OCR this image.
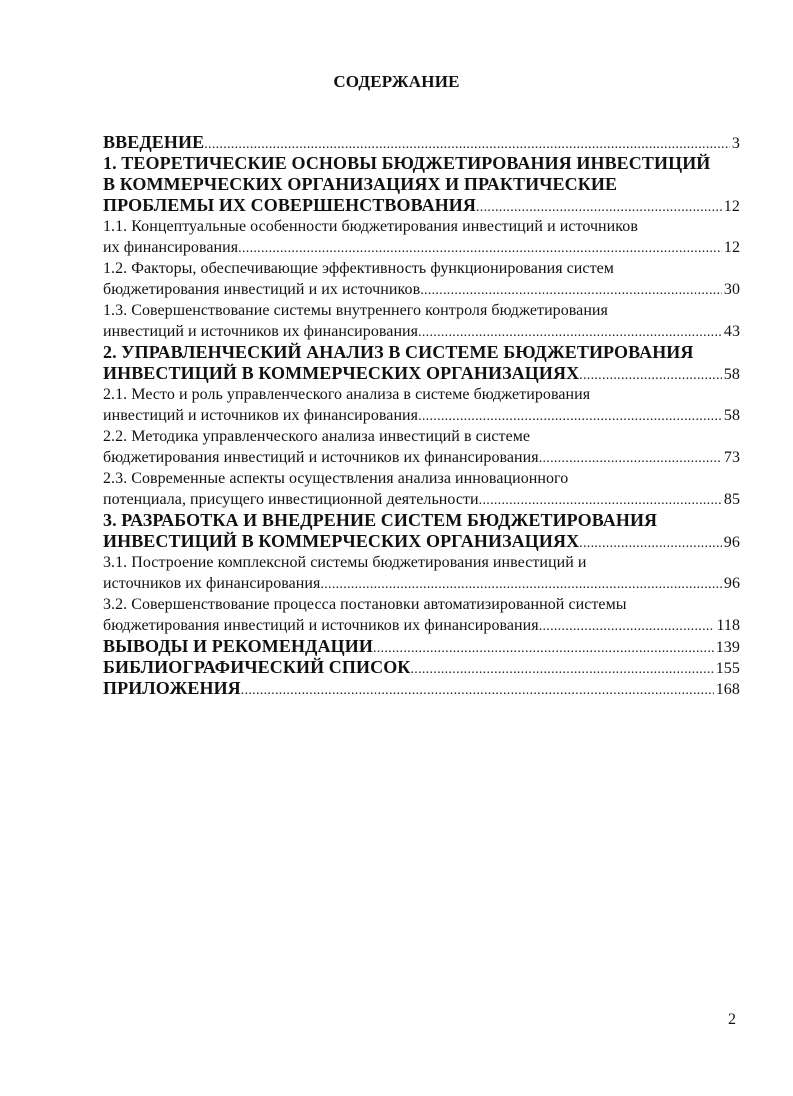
СОДЕРЖАНИЕ
ВВЕДЕНИЕ .....	3
1. ТЕОРЕТИЧЕСКИЕ ОСНОВЫ БЮДЖЕТИРОВАНИЯ ИНВЕСТИЦИЙ
В КОММЕРЧЕСКИХ ОРГАНИЗАЦИЯХ И ПРАКТИЧЕСКИЕ
ПРОБЛЕМЫ ИХ СОВЕРШЕНСТВОВАНИЯ .....	12
1.1. Концептуальные особенности бюджетирования инвестиций и источников
их финансирования .....	12
1.2. Факторы, обеспечивающие эффективность функционирования систем
бюджетирования инвестиций и их источников .....	30
1.3. Совершенствование системы внутреннего контроля бюджетирования
инвестиций и источников их финансирования .....	43
2. УПРАВЛЕНЧЕСКИЙ АНАЛИЗ В СИСТЕМЕ БЮДЖЕТИРОВАНИЯ
ИНВЕСТИЦИЙ В КОММЕРЧЕСКИХ ОРГАНИЗАЦИЯХ .....	58
2.1. Место и роль управленческого анализа в системе бюджетирования
инвестиций и источников их финансирования .....	58
2.2. Методика управленческого анализа инвестиций в системе
бюджетирования инвестиций и источников их финансирования .....	73
2.3. Современные аспекты осуществления анализа инновационного
потенциала, присущего инвестиционной деятельности .....	85
3. РАЗРАБОТКА И ВНЕДРЕНИЕ СИСТЕМ БЮДЖЕТИРОВАНИЯ
ИНВЕСТИЦИЙ В КОММЕРЧЕСКИХ ОРГАНИЗАЦИЯХ .....	96
3.1. Построение комплексной системы бюджетирования инвестиций и
источников их финансирования .....	96
3.2. Совершенствование процесса постановки автоматизированной системы
бюджетирования инвестиций и источников их финансирования .....	118
ВЫВОДЫ И РЕКОМЕНДАЦИИ .....	139
БИБЛИОГРАФИЧЕСКИЙ СПИСОК .....	155
ПРИЛОЖЕНИЯ .....	168
2
